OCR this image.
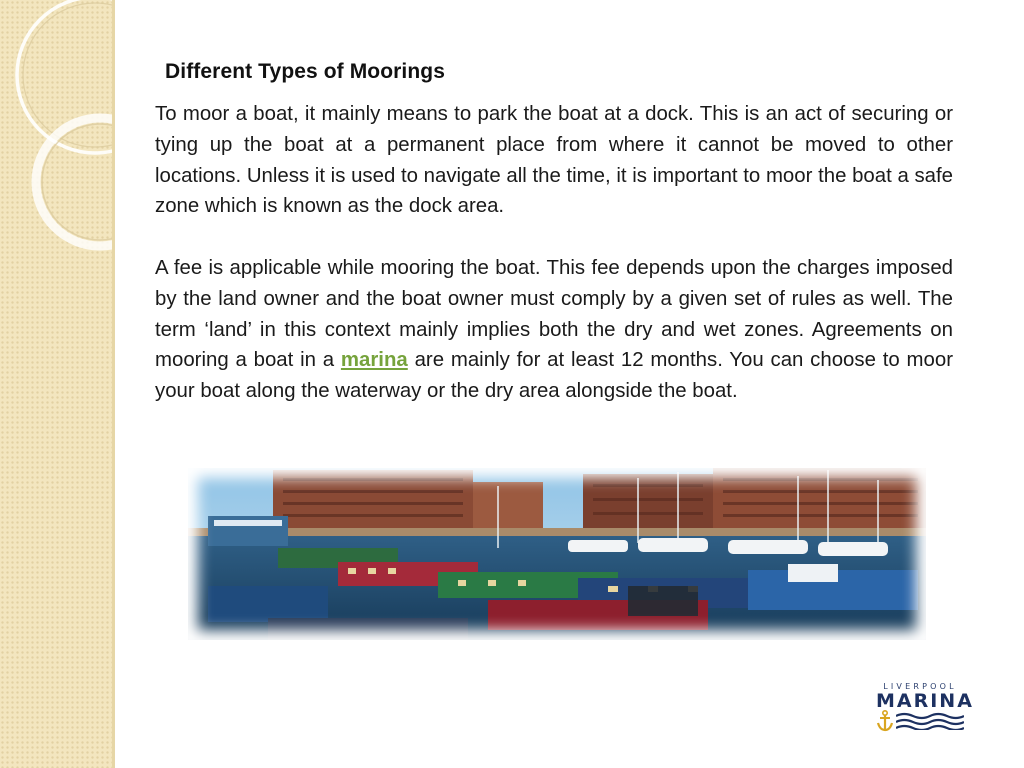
Different Types of Moorings

To moor a boat, it mainly means to park the boat at a dock. This is an act of securing or tying up the boat at a permanent place from where it cannot be moved to other locations. Unless it is used to navigate all the time, it is important to moor the boat a safe zone which is known as the dock area.

A fee is applicable while mooring the boat. This fee depends upon the charges imposed by the land owner and the boat owner must comply by a given set of rules as well. The term ‘land’ in this context mainly implies both the dry and wet zones. Agreements on mooring a boat in a marina are mainly for at least 12 months. You can choose to moor your boat along the waterway or the dry area alongside the boat.

LIVERPOOL
MARINA
